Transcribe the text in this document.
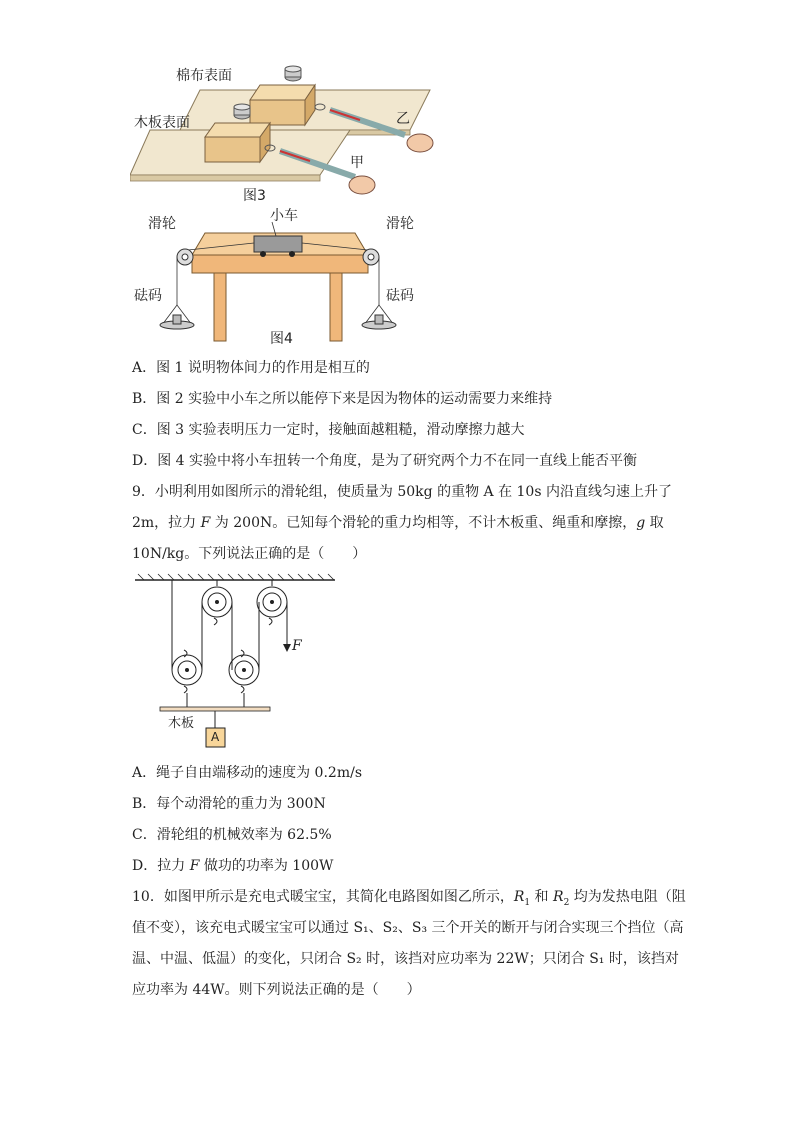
棉布表面
木板表面	乙
甲
图3
小车
滑轮	滑轮
砝码	砝码
图4
A．图 1 说明物体间力的作用是相互的
B．图 2 实验中小车之所以能停下来是因为物体的运动需要力来维持
C．图 3 实验表明压力一定时，接触面越粗糙，滑动摩擦力越大
D．图 4 实验中将小车扭转一个角度，是为了研究两个力不在同一直线上能否平衡
9．小明利用如图所示的滑轮组，使质量为 50kg 的重物 A 在 10s 内沿直线匀速上升了
2m，拉力 F 为 200N。已知每个滑轮的重力均相等，不计木板重、绳重和摩擦，g 取
10N/kg。下列说法正确的是（　　）
F
木板
A
A．绳子自由端移动的速度为 0.2m/s
B．每个动滑轮的重力为 300N
C．滑轮组的机械效率为 62.5%
D．拉力 F 做功的功率为 100W
10．如图甲所示是充电式暖宝宝，其简化电路图如图乙所示，$R_1$ 和 $R_2$ 均为发热电阻（阻
值不变），该充电式暖宝宝可以通过 S₁、S₂、S₃ 三个开关的断开与闭合实现三个挡位（高
温、中温、低温）的变化，只闭合 S₂ 时，该挡对应功率为 22W；只闭合 S₁ 时，该挡对
应功率为 44W。则下列说法正确的是（　　）
